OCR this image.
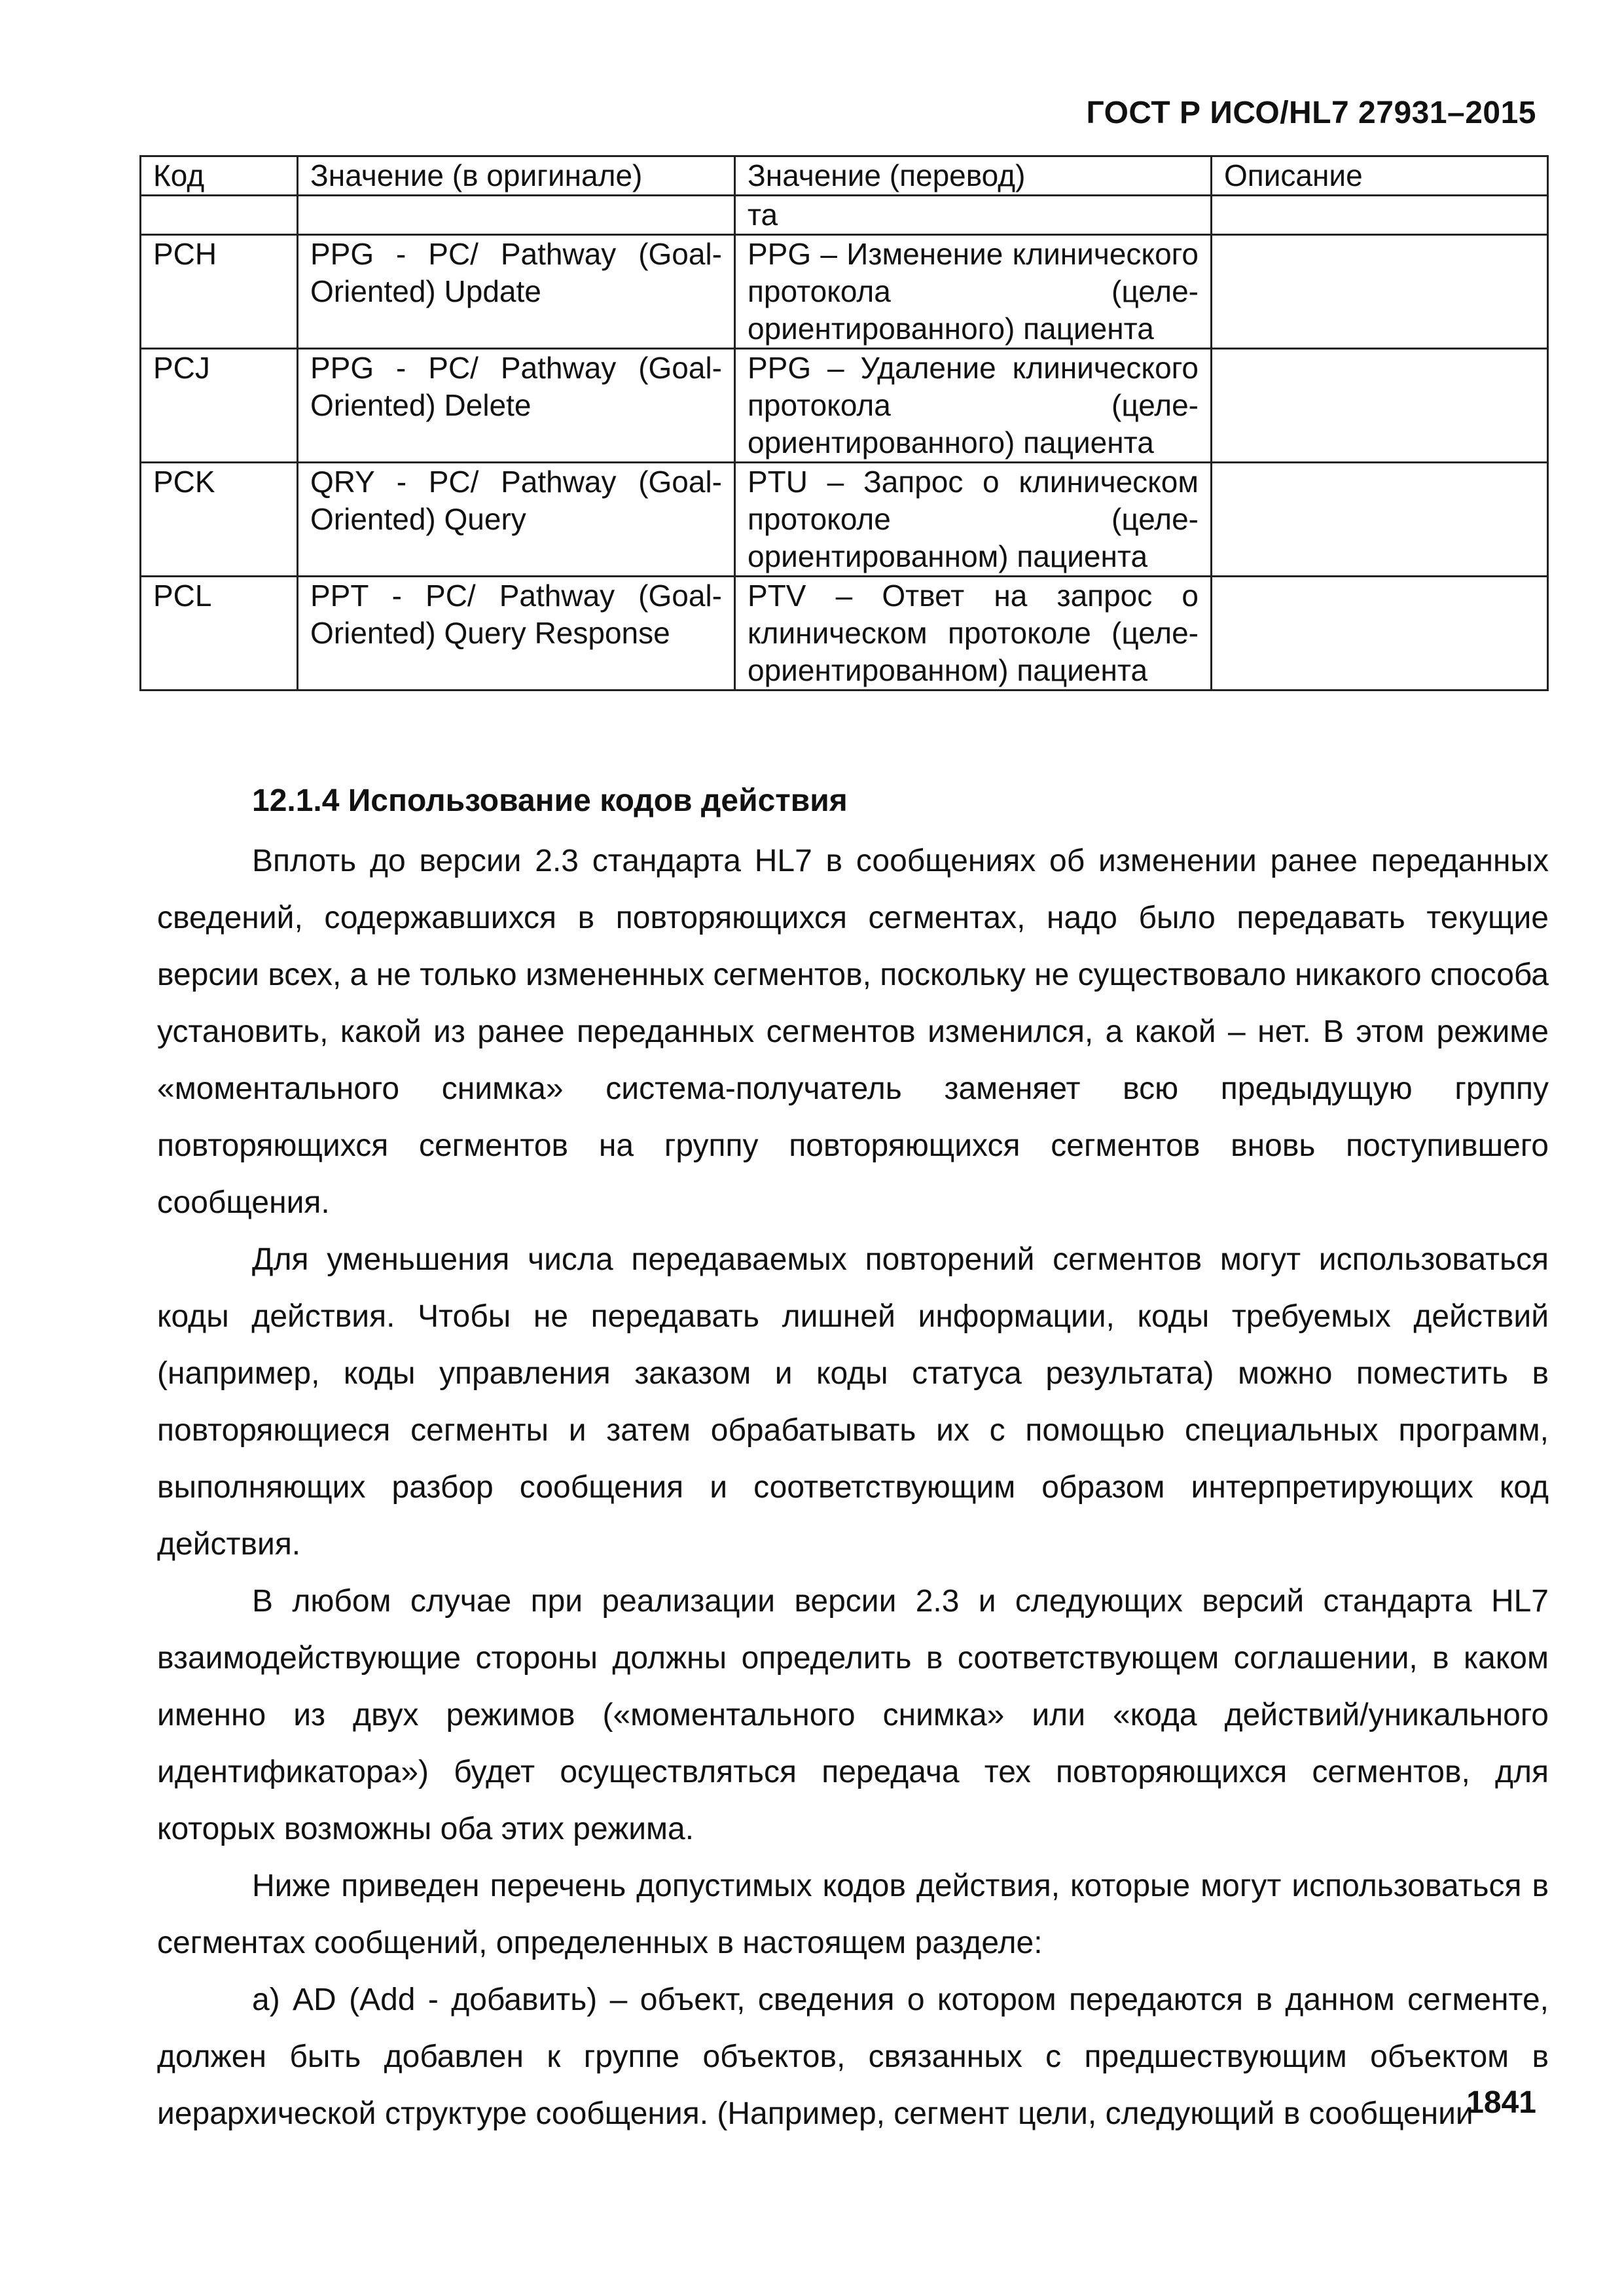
ГОСТ Р ИСО/HL7 27931–2015
Код	Значение (в оригинале)	Значение (перевод)	Описание
		та	
PCH	PPG - PC/ Pathway (Goal-Oriented) Update	PPG – Изменение клинического протокола (целе-ориентированного) пациента	
PCJ	PPG - PC/ Pathway (Goal-Oriented) Delete	PPG – Удаление клинического протокола (целе-ориентированного) пациента	
PCK	QRY - PC/ Pathway (Goal-Oriented) Query	PTU – Запрос о клиническом протоколе (целе-ориентированном) пациента	
PCL	PPT - PC/ Pathway (Goal-Oriented) Query Response	PTV – Ответ на запрос о клиническом протоколе (целе-ориентированном) пациента	
12.1.4 Использование кодов действия

Вплоть до версии 2.3 стандарта HL7 в сообщениях об изменении ранее переданных сведений, содержавшихся в повторяющихся сегментах, надо было передавать текущие версии всех, а не только измененных сегментов, поскольку не существовало никакого способа установить, какой из ранее переданных сегментов изменился, а какой – нет. В этом режиме «моментального снимка» система-получатель заменяет всю предыдущую группу повторяющихся сегментов на группу повторяющихся сегментов вновь поступившего сообщения.

Для уменьшения числа передаваемых повторений сегментов могут использоваться коды действия. Чтобы не передавать лишней информации, коды требуемых действий (например, коды управления заказом и коды статуса результата) можно поместить в повторяющиеся сегменты и затем обрабатывать их с помощью специальных программ, выполняющих разбор сообщения и соответствующим образом интерпретирующих код действия.

В любом случае при реализации версии 2.3 и следующих версий стандарта HL7 взаимодействующие стороны должны определить в соответствующем соглашении, в каком именно из двух режимов («моментального снимка» или «кода действий/уникального идентификатора») будет осуществляться передача тех повторяющихся сегментов, для которых возможны оба этих режима.

Ниже приведен перечень допустимых кодов действия, которые могут использоваться в сегментах сообщений, определенных в настоящем разделе:

а) AD (Add - добавить) – объект, сведения о котором передаются в данном сегменте, должен быть добавлен к группе объектов, связанных с предшествующим объектом в иерархической структуре сообщения. (Например, сегмент цели, следующий в сообщении

1841
